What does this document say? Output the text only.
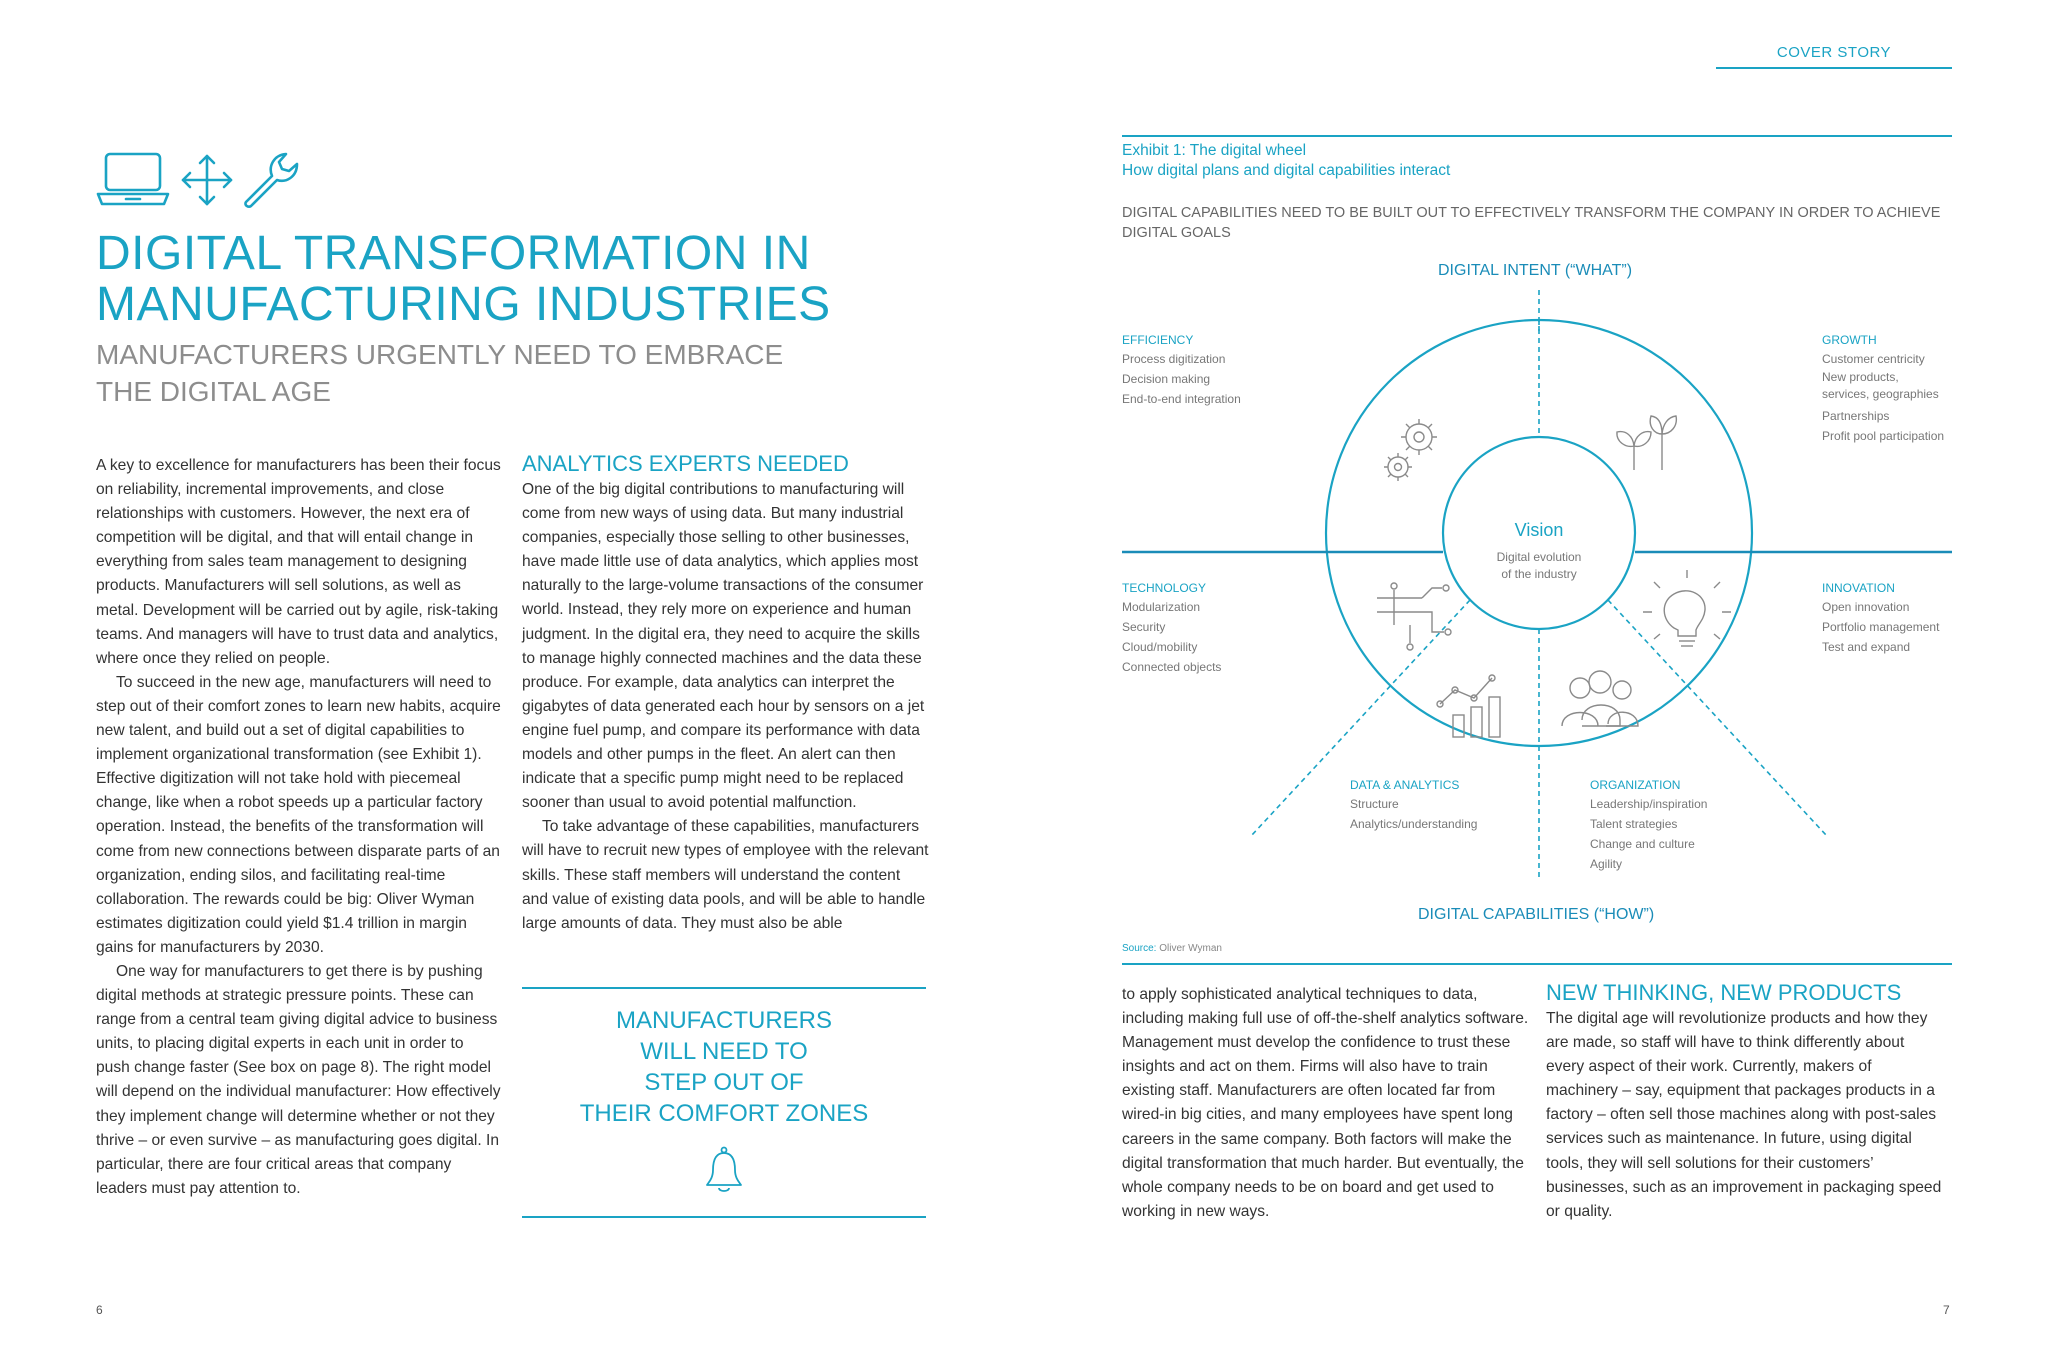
DIGITAL TRANSFORMATION IN MANUFACTURING INDUSTRIES
MANUFACTURERS URGENTLY NEED TO EMBRACE THE DIGITAL AGE

A key to excellence for manufacturers has been their focus on reliability, incremental improvements, and close relationships with customers. However, the next era of competition will be digital, and that will entail change in everything from sales team management to designing products. Manufacturers will sell solutions, as well as metal. Development will be carried out by agile, risk-taking teams. And managers will have to trust data and analytics, where once they relied on people.

To succeed in the new age, manufacturers will need to step out of their comfort zones to learn new habits, acquire new talent, and build out a set of digital capabilities to implement organizational transformation (see Exhibit 1). Effective digitization will not take hold with piecemeal change, like when a robot speeds up a particular factory operation. Instead, the benefits of the transformation will come from new connections between disparate parts of an organization, ending silos, and facilitating real-time collaboration. The rewards could be big: Oliver Wyman estimates digitization could yield $1.4 trillion in margin gains for manufacturers by 2030.

One way for manufacturers to get there is by pushing digital methods at strategic pressure points. These can range from a central team giving digital advice to business units, to placing digital experts in each unit in order to push change faster (See box on page 8). The right model will depend on the individual manufacturer: How effectively they implement change will determine whether or not they thrive – or even survive – as manufacturing goes digital. In particular, there are four critical areas that company leaders must pay attention to.

ANALYTICS EXPERTS NEEDED

One of the big digital contributions to manufacturing will come from new ways of using data. But many industrial companies, especially those selling to other businesses, have made little use of data analytics, which applies most naturally to the large-volume transactions of the consumer world. Instead, they rely more on experience and human judgment. In the digital era, they need to acquire the skills to manage highly connected machines and the data these produce. For example, data analytics can interpret the gigabytes of data generated each hour by sensors on a jet engine fuel pump, and compare its performance with data models and other pumps in the fleet. An alert can then indicate that a specific pump might need to be replaced sooner than usual to avoid potential malfunction.

To take advantage of these capabilities, manufacturers will have to recruit new types of employee with the relevant skills. These staff members will understand the content and value of existing data pools, and will be able to handle large amounts of data. They must also be able

MANUFACTURERS
WILL NEED TO
STEP OUT OF
THEIR COMFORT ZONES
6
COVER STORY
Exhibit 1: The digital wheel
How digital plans and digital capabilities interact
DIGITAL CAPABILITIES NEED TO BE BUILT OUT TO EFFECTIVELY TRANSFORM THE COMPANY IN ORDER TO ACHIEVE DIGITAL GOALS
DIGITAL INTENT (“WHAT”)
DIGITAL CAPABILITIES (“HOW”)
Vision
Digital evolution
of the industry
EFFICIENCY
Process digitization
Decision making
End-to-end integration
GROWTH
Customer centricity
New products,
services, geographies
Partnerships
Profit pool participation
TECHNOLOGY
Modularization
Security
Cloud/mobility
Connected objects
INNOVATION
Open innovation
Portfolio management
Test and expand
DATA & ANALYTICS
Structure
Analytics/understanding
ORGANIZATION
Leadership/inspiration
Talent strategies
Change and culture
Agility
Source: Oliver Wyman

to apply sophisticated analytical techniques to data, including making full use of off-the-shelf analytics software. Management must develop the confidence to trust these insights and act on them. Firms will also have to train existing staff. Manufacturers are often located far from wired-in big cities, and many employees have spent long careers in the same company. Both factors will make the digital transformation that much harder. But eventually, the whole company needs to be on board and get used to working in new ways.

NEW THINKING, NEW PRODUCTS

The digital age will revolutionize products and how they are made, so staff will have to think differently about every aspect of their work. Currently, makers of machinery – say, equipment that packages products in a factory – often sell those machines along with post-sales services such as maintenance. In future, using digital tools, they will sell solutions for their customers’ businesses, such as an improvement in packaging speed or quality.

7
